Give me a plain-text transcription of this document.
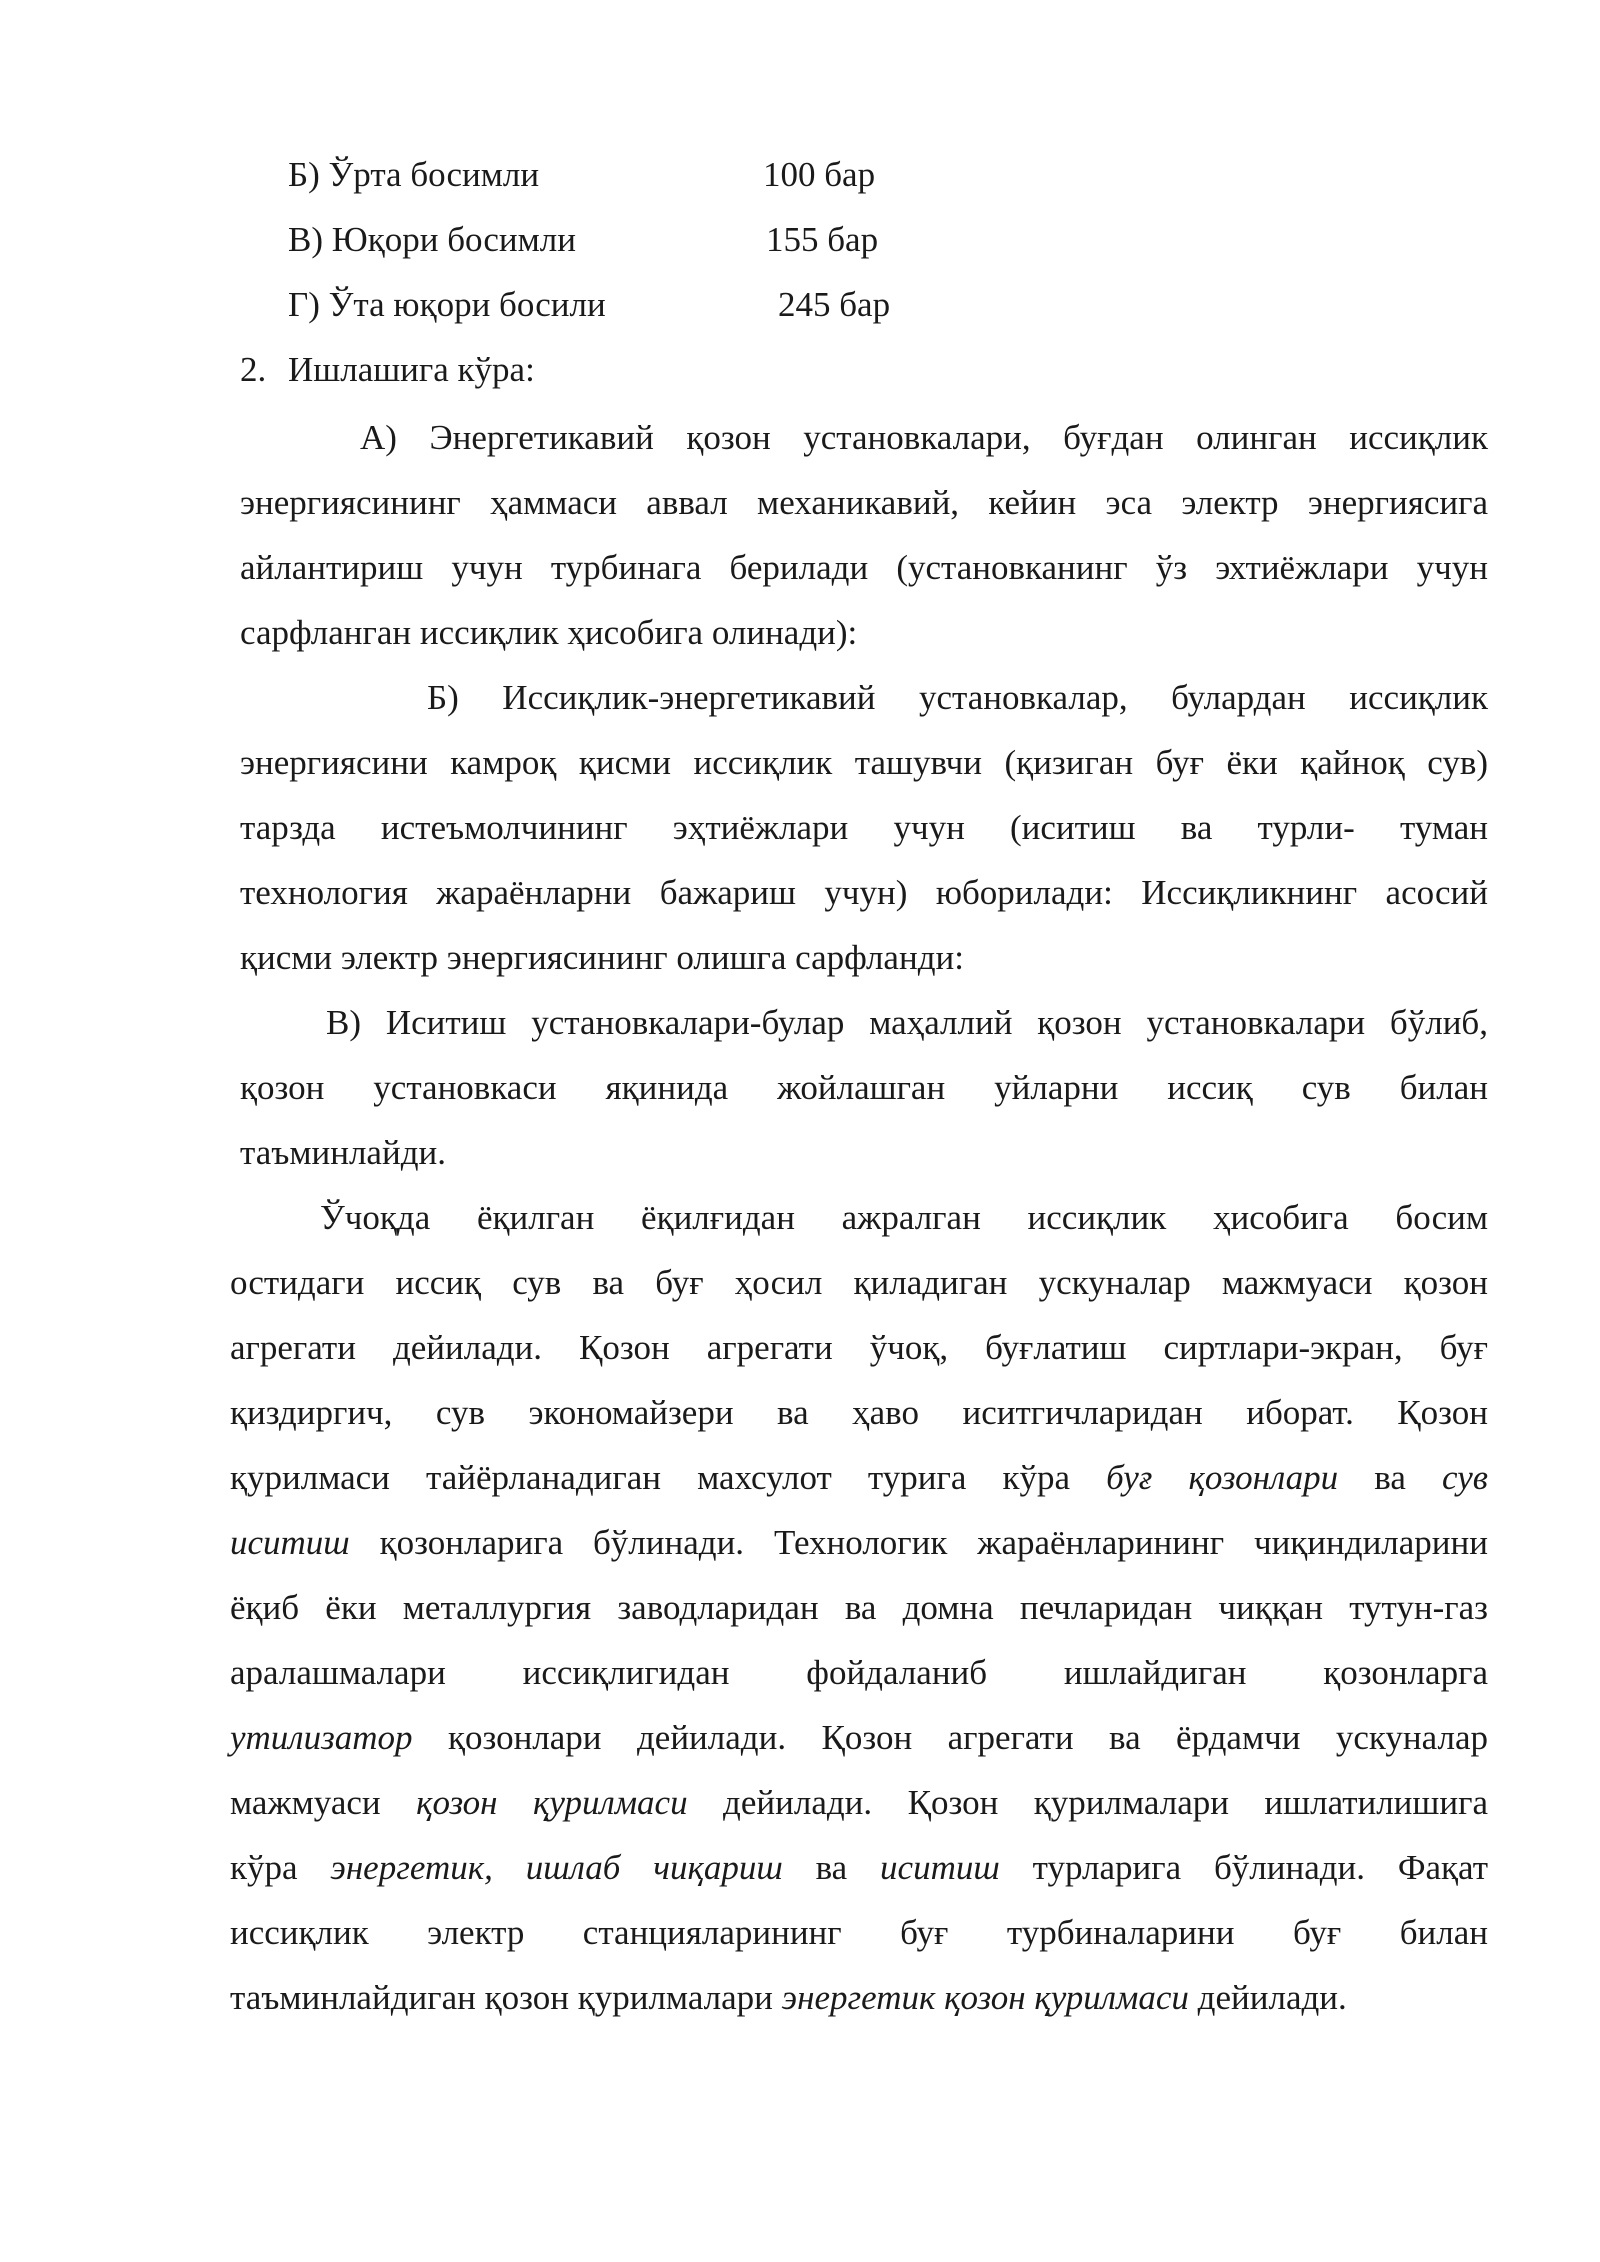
Б) Ўрта босимли	100 бар
В) Юқори босимли	155 бар
Г) Ўта юқори босили	245 бар
2. Ишлашига кўра:
А) Энергетикавий қозон установкалари, буғдан олинган иссиқлик
энергиясининг ҳаммаси аввал механикавий, кейин эса электр энергиясига
айлантириш учун турбинага берилади (установканинг ўз эхтиёжлари учун
сарфланган иссиқлик ҳисобига олинади):
Б) Иссиқлик-энергетикавий установкалар, булардан иссиқлик
энергиясини камроқ қисми иссиқлик ташувчи (қизиган буғ ёки қайноқ сув)
тарзда истеъмолчининг эҳтиёжлари учун (иситиш ва турли- туман
технология жараёнларни бажариш учун) юборилади: Иссиқликнинг асосий
қисми электр энергиясининг олишга сарфланди:
В) Иситиш установкалари-булар маҳаллий қозон установкалари бўлиб,
қозон установкаси яқинида жойлашган уйларни иссиқ сув билан
таъминлайди.
Ўчоқда ёқилган ёқилғидан ажралган иссиқлик ҳисобига босим
остидаги иссиқ сув ва буғ ҳосил қиладиган ускуналар мажмуаси қозон
агрегати дейилади. Қозон агрегати ўчоқ, буғлатиш сиртлари-экран, буғ
қиздиргич, сув экономайзери ва ҳаво иситгичларидан иборат. Қозон
қурилмаси тайёрланадиган махсулот турига кўра буғ қозонлари ва сув
иситиш қозонларига бўлинади. Технологик жараёнларининг чиқиндиларини
ёқиб ёки металлургия заводларидан ва домна печларидан чиққан тутун-газ
аралашмалари иссиқлигидан фойдаланиб ишлайдиган қозонларга
утилизатор қозонлари дейилади. Қозон агрегати ва ёрдамчи ускуналар
мажмуаси қозон қурилмаси дейилади. Қозон қурилмалари ишлатилишига
кўра энергетик, ишлаб чиқариш ва иситиш турларига бўлинади. Фақат
иссиқлик электр станцияларининг буғ турбиналарини буғ билан
таъминлайдиган қозон қурилмалари энергетик қозон қурилмаси дейилади.
